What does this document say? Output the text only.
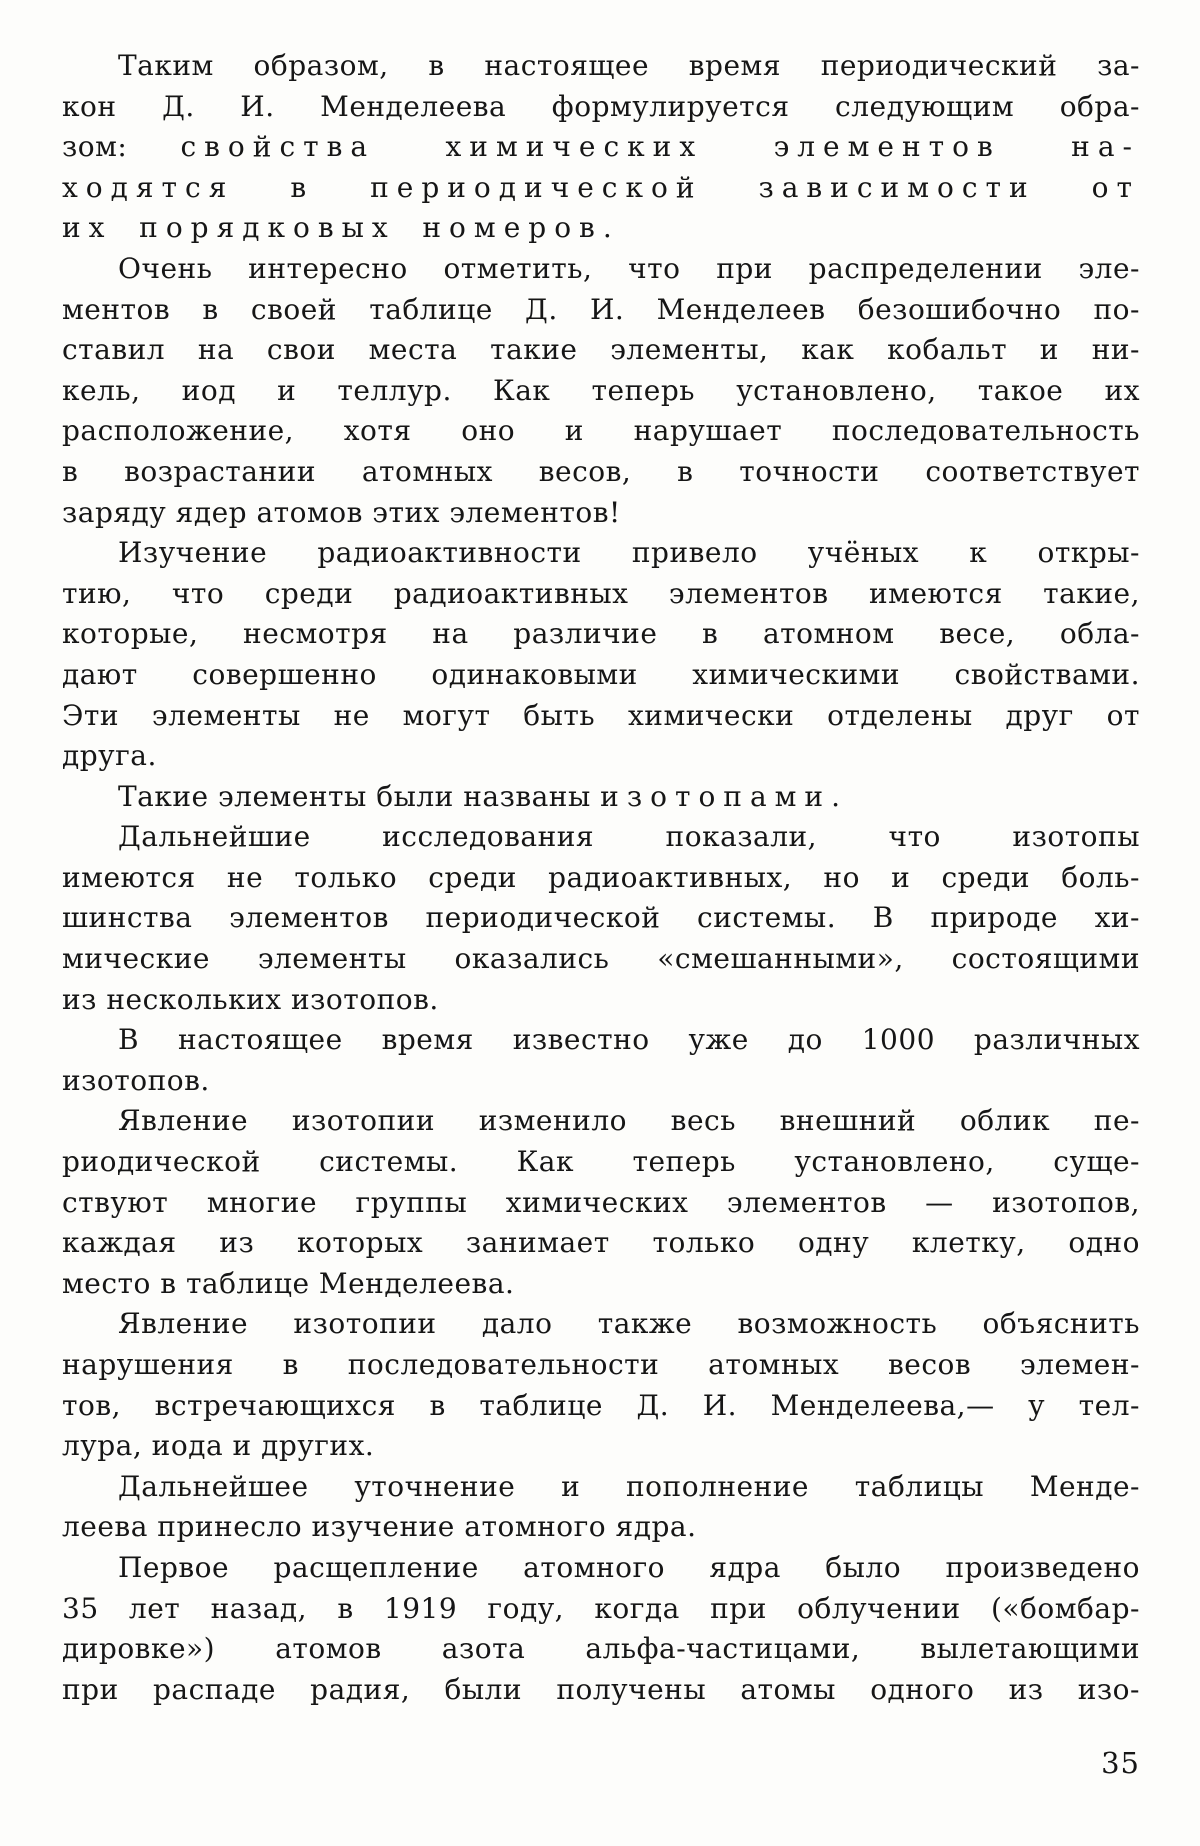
Таким образом, в настоящее время периодический за-
кон Д. И. Менделеева формулируется следующим обра-
зом: свойства химических элементов на-
ходятся в периодической зависимости от
их порядковых номеров.
Очень интересно отметить, что при распределении эле-
ментов в своей таблице Д. И. Менделеев безошибочно по-
ставил на свои места такие элементы, как кобальт и ни-
кель, иод и теллур. Как теперь установлено, такое их
расположение, хотя оно и нарушает последовательность
в возрастании атомных весов, в точности соответствует
заряду ядер атомов этих элементов!
Изучение радиоактивности привело учёных к откры-
тию, что среди радиоактивных элементов имеются такие,
которые, несмотря на различие в атомном весе, обла-
дают совершенно одинаковыми химическими свойствами.
Эти элементы не могут быть химически отделены друг от
друга.
Такие элементы были названы изотопами.
Дальнейшие исследования показали, что изотопы
имеются не только среди радиоактивных, но и среди боль-
шинства элементов периодической системы. В природе хи-
мические элементы оказались «смешанными», состоящими
из нескольких изотопов.
В настоящее время известно уже до 1000 различных
изотопов.
Явление изотопии изменило весь внешний облик пе-
риодической системы. Как теперь установлено, суще-
ствуют многие группы химических элементов — изотопов,
каждая из которых занимает только одну клетку, одно
место в таблице Менделеева.
Явление изотопии дало также возможность объяснить
нарушения в последовательности атомных весов элемен-
тов, встречающихся в таблице Д. И. Менделеева,— у тел-
лура, иода и других.
Дальнейшее уточнение и пополнение таблицы Менде-
леева принесло изучение атомного ядра.
Первое расщепление атомного ядра было произведено
35 лет назад, в 1919 году, когда при облучении («бомбар-
дировке») атомов азота альфа-частицами, вылетающими
при распаде радия, были получены атомы одного из изо-
35
